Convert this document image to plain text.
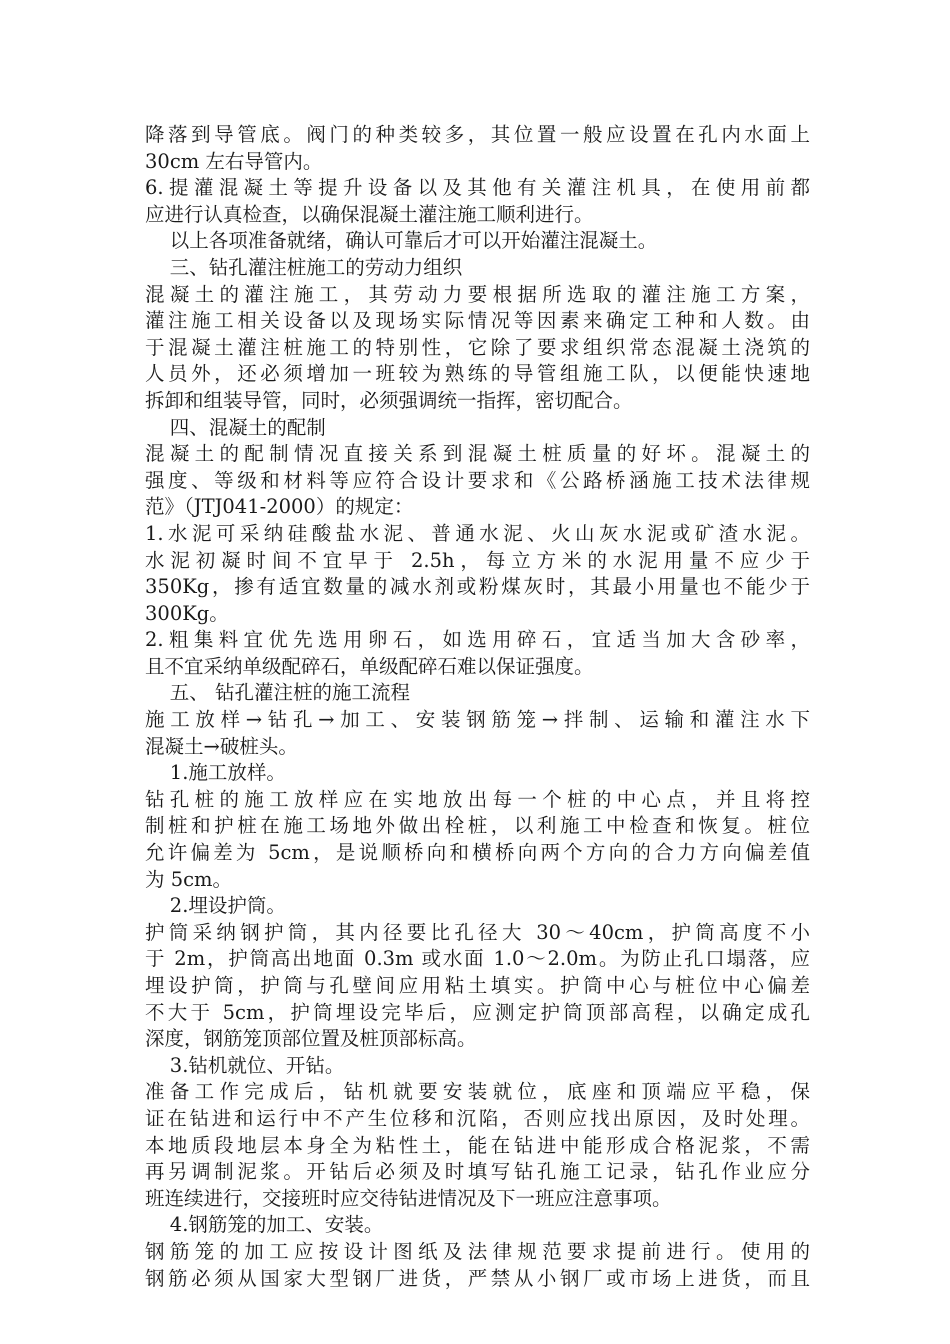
降落到导管底。阀门的种类较多，其位置一般应设置在孔内水面上
30cm 左右导管内。
6.提灌混凝土等提升设备以及其他有关灌注机具，在使用前都
应进行认真检查，以确保混凝土灌注施工顺利进行。
以上各项准备就绪，确认可靠后才可以开始灌注混凝土。
三、钻孔灌注桩施工的劳动力组织
混凝土的灌注施工，其劳动力要根据所选取的灌注施工方案，
灌注施工相关设备以及现场实际情况等因素来确定工种和人数。由
于混凝土灌注桩施工的特别性，它除了要求组织常态混凝土浇筑的
人员外，还必须增加一班较为熟练的导管组施工队，以便能快速地
拆卸和组装导管，同时，必须强调统一指挥，密切配合。
四、混凝土的配制
混凝土的配制情况直接关系到混凝土桩质量的好坏。混凝土的
强度、等级和材料等应符合设计要求和《公路桥涵施工技术法律规
范》（JTJ041-2000）的规定：
1.水泥可采纳硅酸盐水泥、普通水泥、火山灰水泥或矿渣水泥。
水泥初凝时间不宜早于 2.5h，每立方米的水泥用量不应少于
350Kg，掺有适宜数量的减水剂或粉煤灰时，其最小用量也不能少于
300Kg。
2.粗集料宜优先选用卵石，如选用碎石，宜适当加大含砂率，
且不宜采纳单级配碎石，单级配碎石难以保证强度。
五、 钻孔灌注桩的施工流程
施工放样→钻孔→加工、安装钢筋笼→拌制、运输和灌注水下
混凝土→破桩头。
1.施工放样。
钻孔桩的施工放样应在实地放出每一个桩的中心点，并且将控
制桩和护桩在施工场地外做出栓桩，以利施工中检查和恢复。桩位
允许偏差为 5cm，是说顺桥向和横桥向两个方向的合力方向偏差值
为 5cm。
2.埋设护筒。
护筒采纳钢护筒，其内径要比孔径大 30～40cm，护筒高度不小
于 2m，护筒高出地面 0.3m 或水面 1.0～2.0m。为防止孔口塌落，应
埋设护筒，护筒与孔壁间应用粘土填实。护筒中心与桩位中心偏差
不大于 5cm，护筒埋设完毕后，应测定护筒顶部高程，以确定成孔
深度，钢筋笼顶部位置及桩顶部标高。
3.钻机就位、开钻。
准备工作完成后，钻机就要安装就位，底座和顶端应平稳，保
证在钻进和运行中不产生位移和沉陷，否则应找出原因，及时处理。
本地质段地层本身全为粘性土，能在钻进中能形成合格泥浆，不需
再另调制泥浆。开钻后必须及时填写钻孔施工记录，钻孔作业应分
班连续进行，交接班时应交待钻进情况及下一班应注意事项。
4.钢筋笼的加工、安装。
钢筋笼的加工应按设计图纸及法律规范要求提前进行。使用的
钢筋必须从国家大型钢厂进货，严禁从小钢厂或市场上进货，而且
